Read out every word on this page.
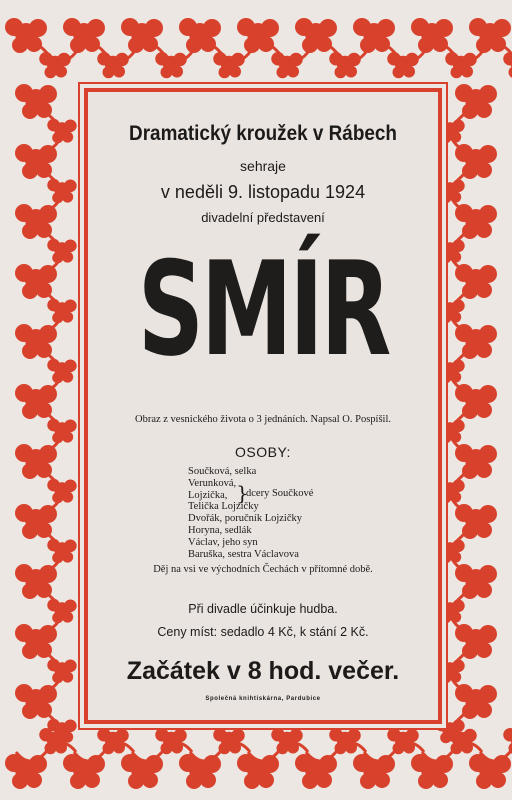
Dramatický kroužek v Rábech
sehraje
v neděli 9. listopadu 1924
divadelní představení
SMÍR
Obraz z vesnického života o 3 jednáních. Napsal O. Pospíšil.
OSOBY:
Součková, selka
Verunková,
Lojzička,
Telička Lojzičky
Dvořák, poručník Lojzičky
Horyna, sedlák
Václav, jeho syn
Baruška, sestra Václavova
}
dcery Součkové
Děj na vsi ve východních Čechách v přítomné době.
Při divadle účinkuje hudba.
Ceny míst: sedadlo 4 Kč, k stání 2 Kč.
Začátek v 8 hod. večer.
Společná knihtiskárna, Pardubice
